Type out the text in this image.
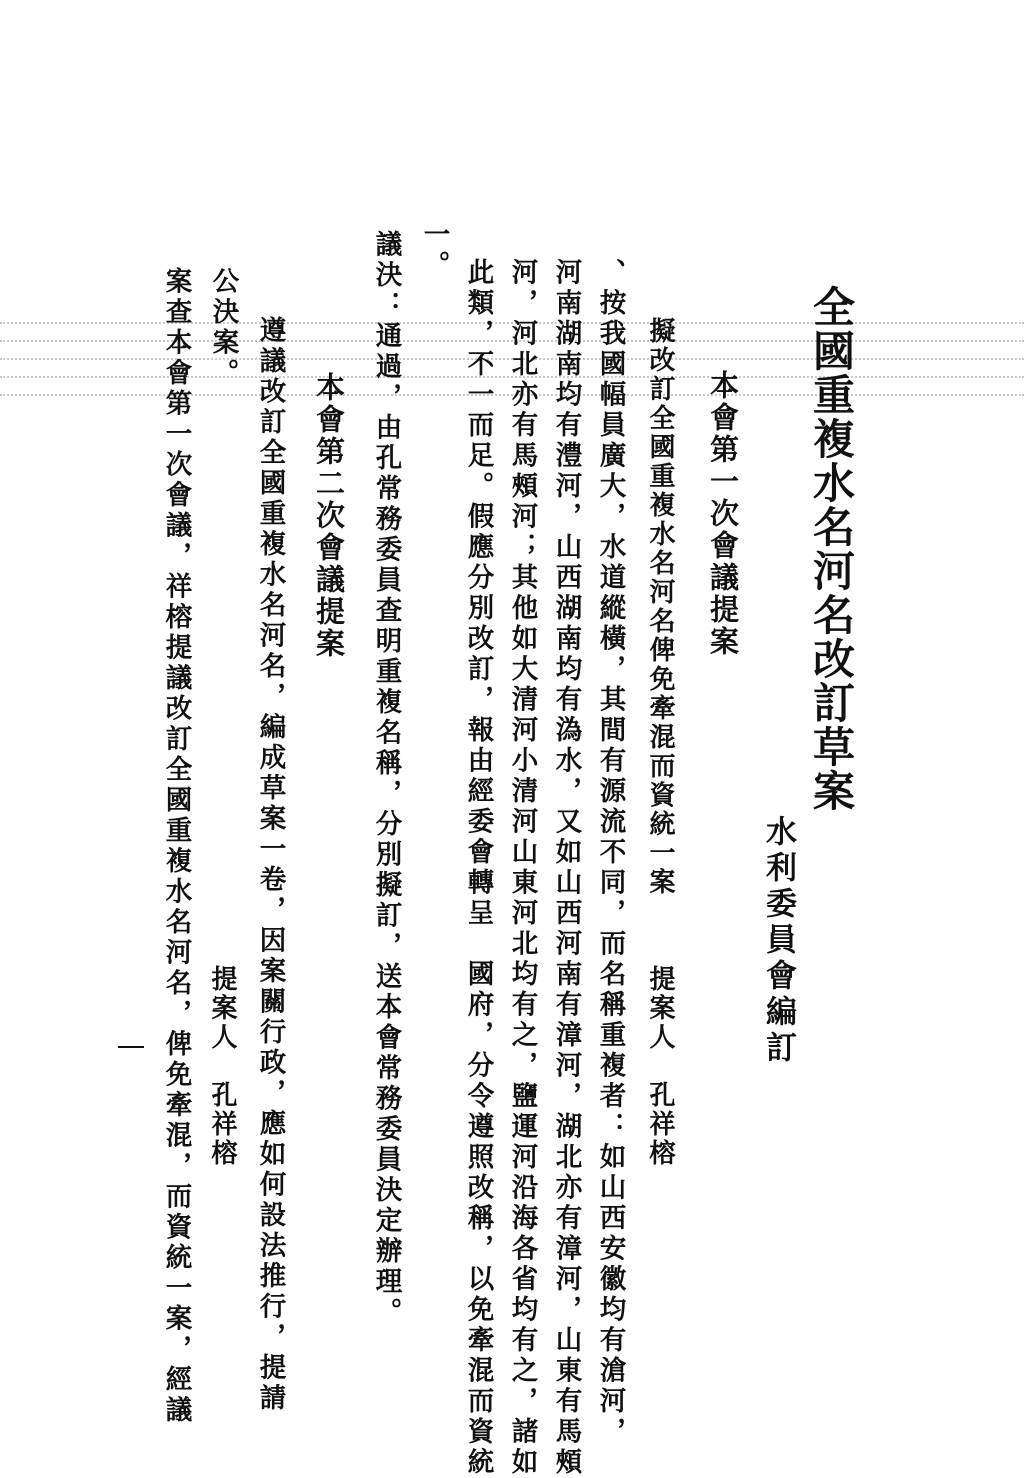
全國重複水名河名改訂草案
水利委員會編訂
本會第一次會議提案
擬改訂全國重複水名河名俾免牽混而資統一案
提案人　孔祥榕
、按我國幅員廣大，水道縱橫，其間有源流不同，而名稱重複者：如山西安徽均有滄河，
河南湖南均有澧河，山西湖南均有溈水，又如山西河南有漳河，湖北亦有漳河，山東有馬頰
河，河北亦有馬頰河；其他如大清河小清河山東河北均有之，鹽運河沿海各省均有之，諸如
此類，不一而足。假應分別改訂，報由經委會轉呈　國府，分令遵照改稱，以免牽混而資統
一。
議決：通過，由孔常務委員查明重複名稱，分別擬訂，送本會常務委員決定辦理。
本會第二次會議提案
遵議改訂全國重複水名河名，編成草案一卷，因案關行政，應如何設法推行，提請
公決案。
提案人　孔祥榕
案查本會第一次會議，祥榕提議改訂全國重複水名河名，俾免牽混，而資統一案，經議
